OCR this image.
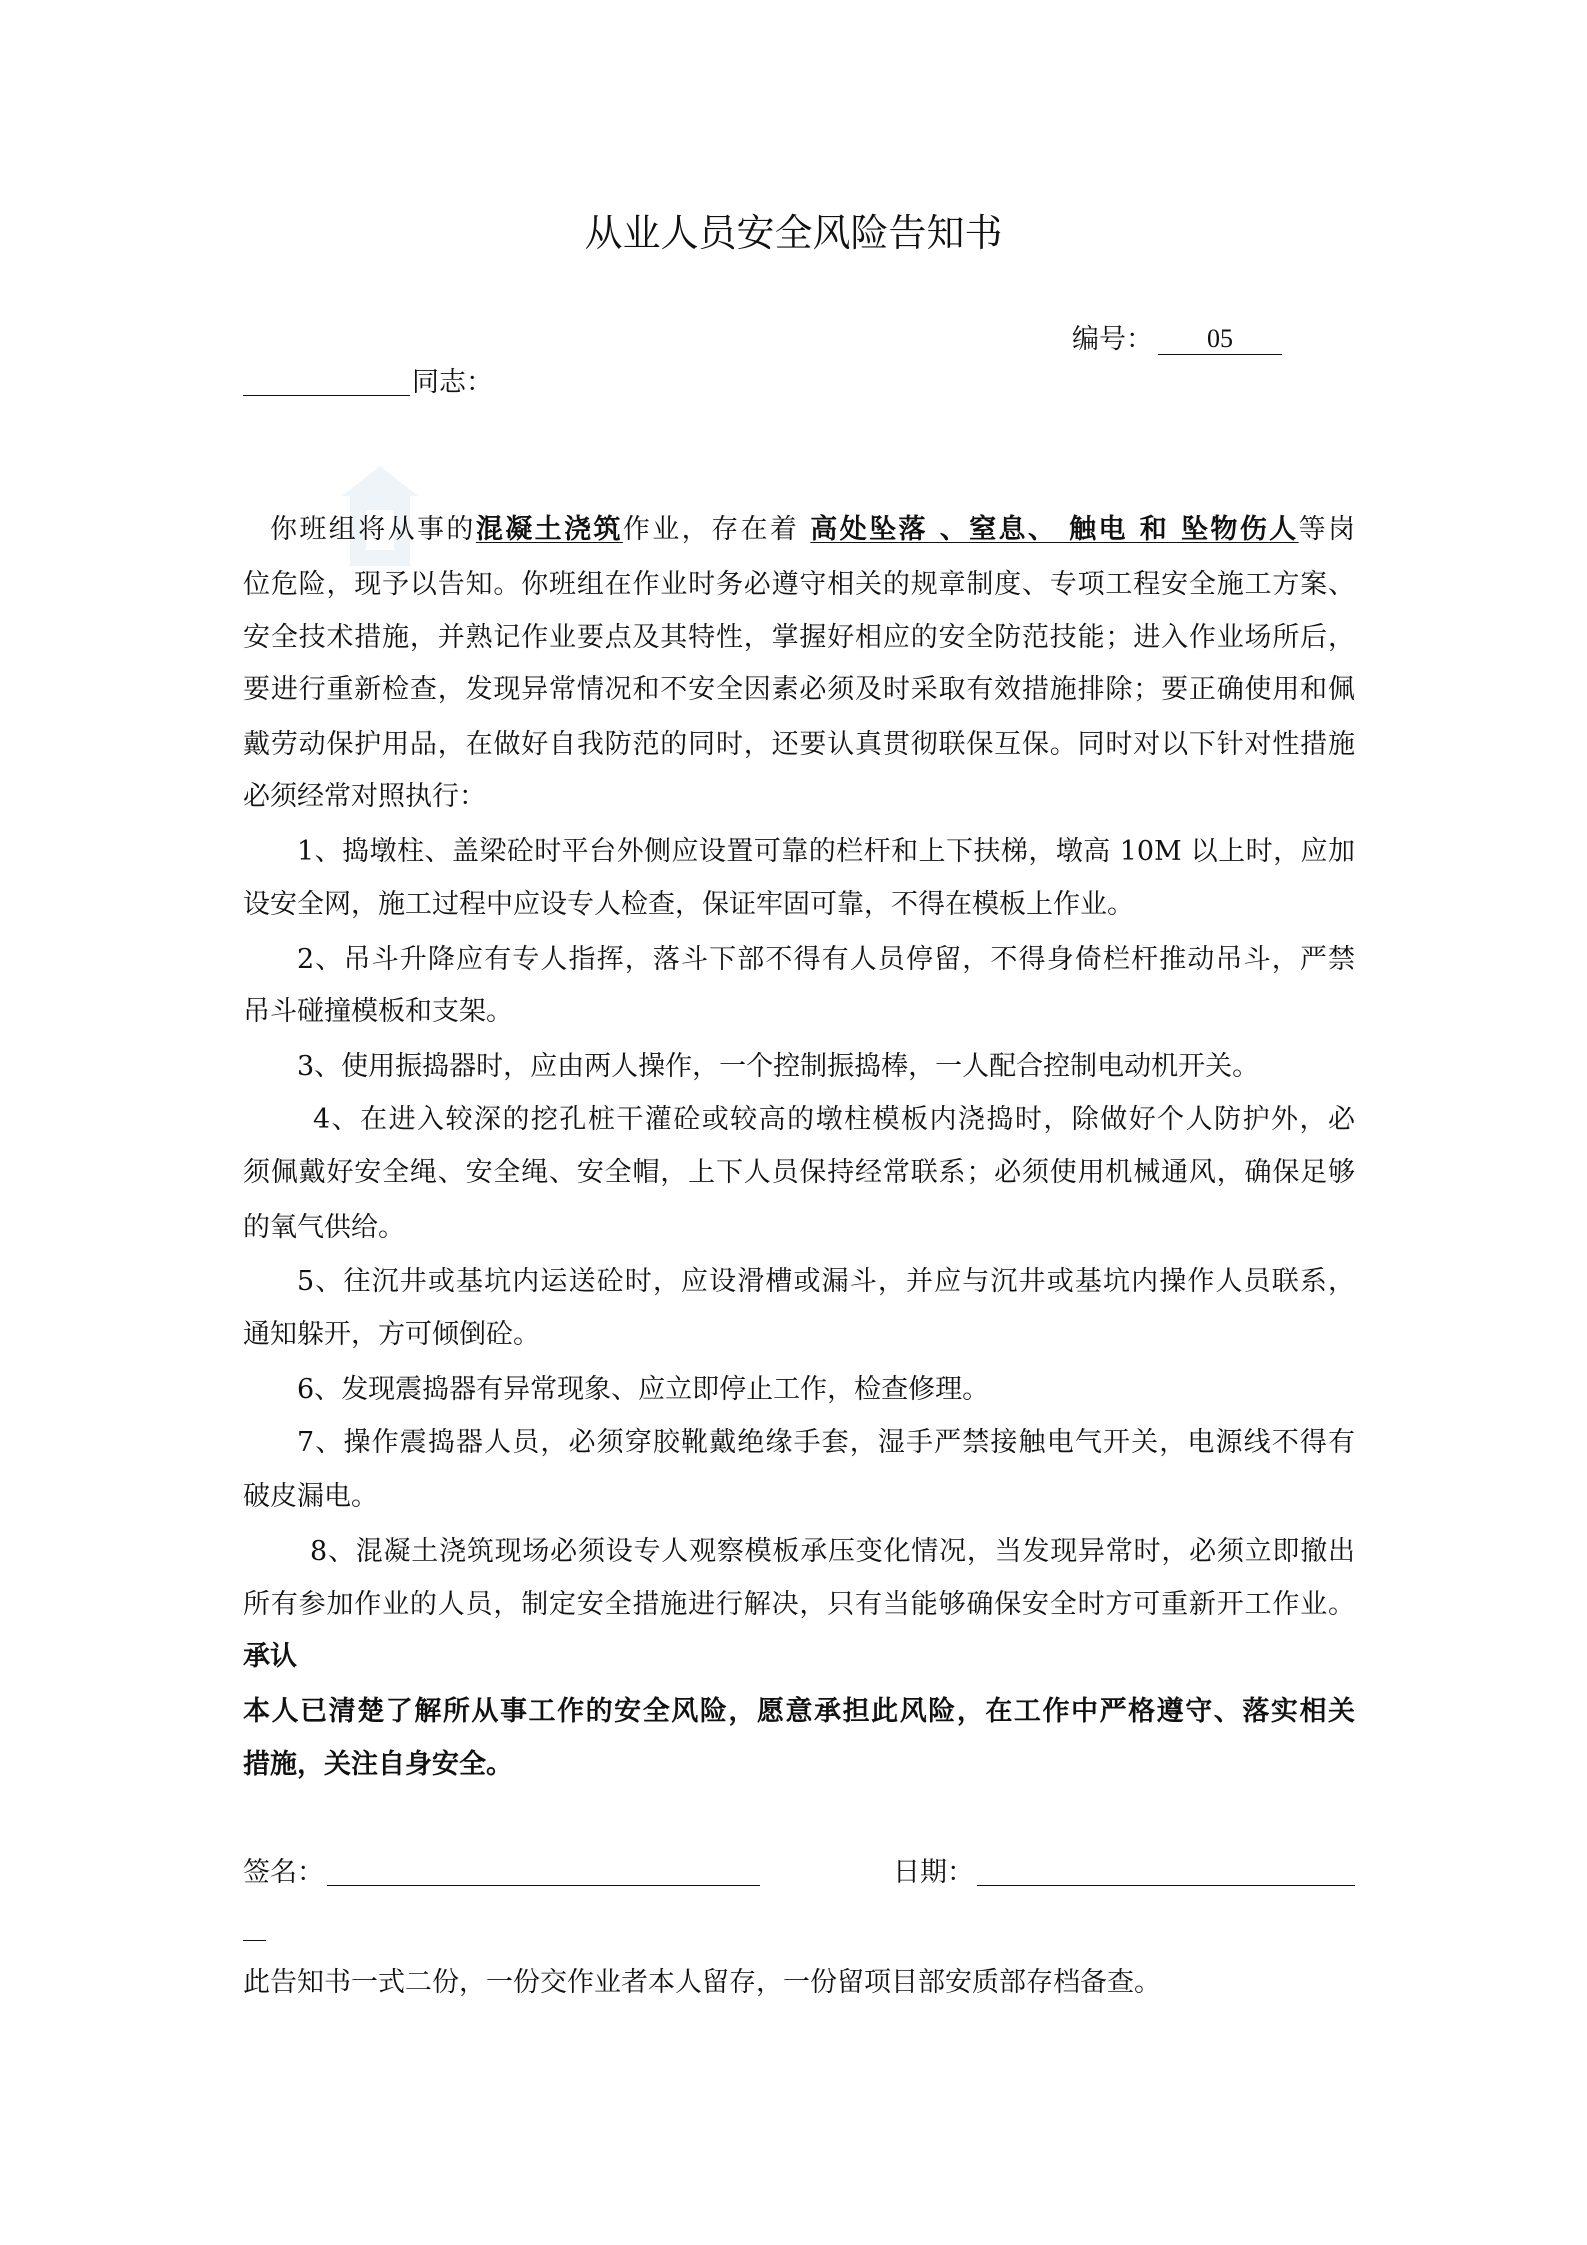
从业人员安全风险告知书
编号：	05
同志：
你班组将从事的混凝土浇筑作业，存在着 高处坠落 、窒息、 触电 和 坠物伤人等岗
位危险，现予以告知。你班组在作业时务必遵守相关的规章制度、专项工程安全施工方案、
安全技术措施，并熟记作业要点及其特性，掌握好相应的安全防范技能；进入作业场所后，
要进行重新检查，发现异常情况和不安全因素必须及时采取有效措施排除；要正确使用和佩
戴劳动保护用品，在做好自我防范的同时，还要认真贯彻联保互保。同时对以下针对性措施
必须经常对照执行：
1、捣墩柱、盖梁砼时平台外侧应设置可靠的栏杆和上下扶梯，墩高 10M 以上时，应加
设安全网，施工过程中应设专人检查，保证牢固可靠，不得在模板上作业。
2、吊斗升降应有专人指挥，落斗下部不得有人员停留，不得身倚栏杆推动吊斗，严禁
吊斗碰撞模板和支架。
3、使用振捣器时，应由两人操作，一个控制振捣棒，一人配合控制电动机开关。
4、在进入较深的挖孔桩干灌砼或较高的墩柱模板内浇捣时，除做好个人防护外，必
须佩戴好安全绳、安全绳、安全帽，上下人员保持经常联系；必须使用机械通风，确保足够
的氧气供给。
5、往沉井或基坑内运送砼时，应设滑槽或漏斗，并应与沉井或基坑内操作人员联系，
通知躲开，方可倾倒砼。
6、发现震捣器有异常现象、应立即停止工作，检查修理。
7、操作震捣器人员，必须穿胶靴戴绝缘手套，湿手严禁接触电气开关，电源线不得有
破皮漏电。
8、混凝土浇筑现场必须设专人观察模板承压变化情况，当发现异常时，必须立即撤出
所有参加作业的人员，制定安全措施进行解决，只有当能够确保安全时方可重新开工作业。
承认
本人已清楚了解所从事工作的安全风险，愿意承担此风险，在工作中严格遵守、落实相关
措施，关注自身安全。
签名：	日期：
此告知书一式二份，一份交作业者本人留存，一份留项目部安质部存档备查。
